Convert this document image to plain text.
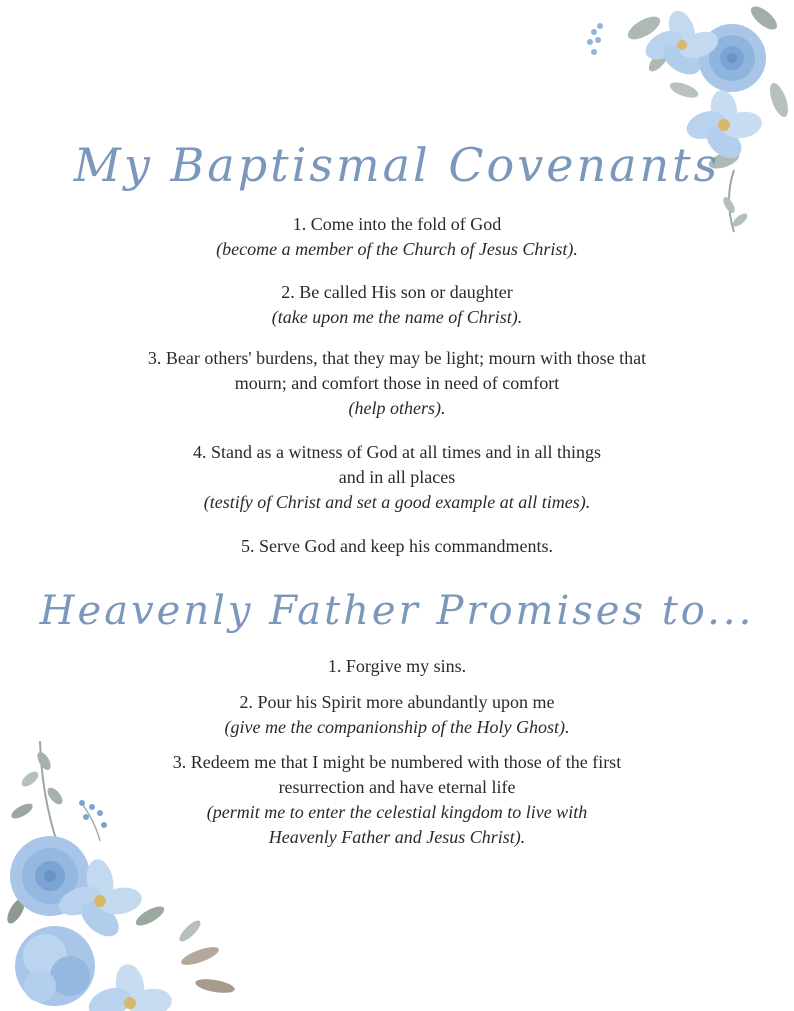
My Baptismal Covenants
1. Come into the fold of God
(become a member of the Church of Jesus Christ).
2. Be called His son or daughter
(take upon me the name of Christ).
3. Bear others' burdens, that they may be light; mourn with those that
mourn; and comfort those in need of comfort
(help others).
4. Stand as a witness of God at all times and in all things
and in all places
(testify of Christ and set a good example at all times).
5. Serve God and keep his commandments.
Heavenly Father Promises to...
1. Forgive my sins.
2. Pour his Spirit more abundantly upon me
(give me the companionship of the Holy Ghost).
3. Redeem me that I might be numbered with those of the first
resurrection and have eternal life
(permit me to enter the celestial kingdom to live with
Heavenly Father and Jesus Christ).
